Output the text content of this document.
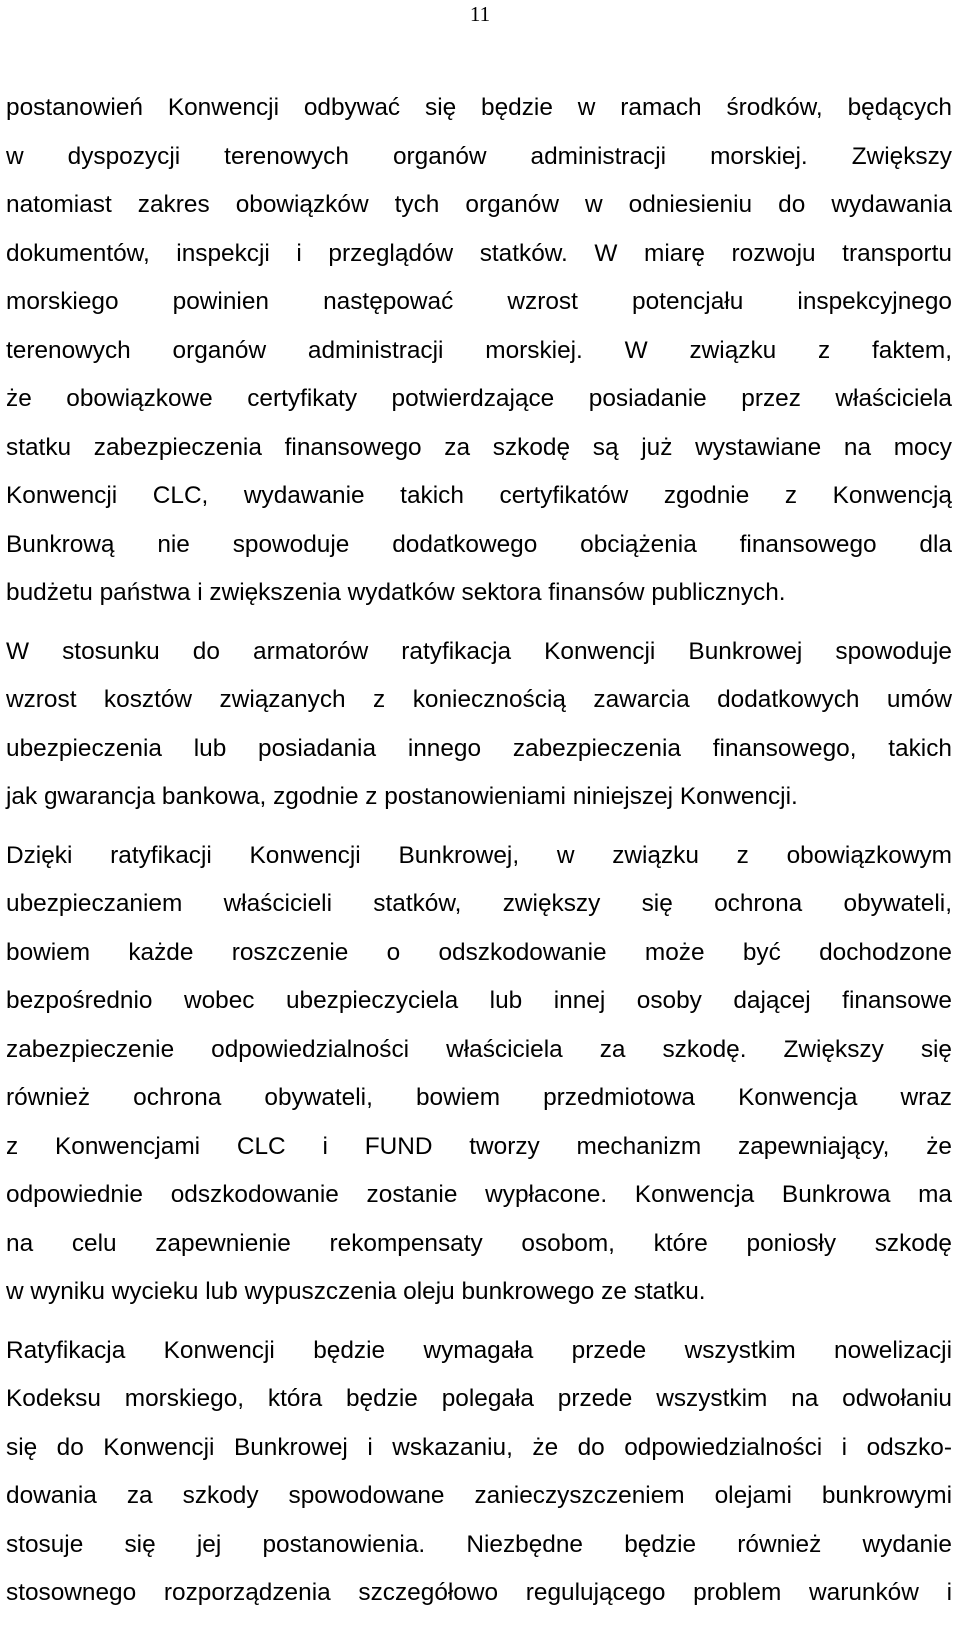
11
postanowień Konwencji odbywać się będzie w ramach środków, będących
w dyspozycji terenowych organów administracji morskiej. Zwiększy
natomiast zakres obowiązków tych organów w odniesieniu do wydawania
dokumentów, inspekcji i przeglądów statków. W miarę rozwoju transportu
morskiego powinien następować wzrost potencjału inspekcyjnego
terenowych organów administracji morskiej. W związku z faktem,
że obowiązkowe certyfikaty potwierdzające posiadanie przez właściciela
statku zabezpieczenia finansowego za szkodę są już wystawiane na mocy
Konwencji CLC, wydawanie takich certyfikatów zgodnie z Konwencją
Bunkrową nie spowoduje dodatkowego obciążenia finansowego dla
budżetu państwa i zwiększenia wydatków sektora finansów publicznych.
W stosunku do armatorów ratyfikacja Konwencji Bunkrowej spowoduje
wzrost kosztów związanych z koniecznością zawarcia dodatkowych umów
ubezpieczenia lub posiadania innego zabezpieczenia finansowego, takich
jak gwarancja bankowa, zgodnie z postanowieniami niniejszej Konwencji.
Dzięki ratyfikacji Konwencji Bunkrowej, w związku z obowiązkowym
ubezpieczaniem właścicieli statków, zwiększy się ochrona obywateli,
bowiem każde roszczenie o odszkodowanie może być dochodzone
bezpośrednio wobec ubezpieczyciela lub innej osoby dającej finansowe
zabezpieczenie odpowiedzialności właściciela za szkodę. Zwiększy się
również ochrona obywateli, bowiem przedmiotowa Konwencja wraz
z Konwencjami CLC i FUND tworzy mechanizm zapewniający, że
odpowiednie odszkodowanie zostanie wypłacone. Konwencja Bunkrowa ma
na celu zapewnienie rekompensaty osobom, które poniosły szkodę
w wyniku wycieku lub wypuszczenia oleju bunkrowego ze statku.
Ratyfikacja Konwencji będzie wymagała przede wszystkim nowelizacji
Kodeksu morskiego, która będzie polegała przede wszystkim na odwołaniu
się do Konwencji Bunkrowej i wskazaniu, że do odpowiedzialności i odszko-
dowania za szkody spowodowane zanieczyszczeniem olejami bunkrowymi
stosuje się jej postanowienia. Niezbędne będzie również wydanie
stosownego rozporządzenia szczegółowo regulującego problem warunków i
